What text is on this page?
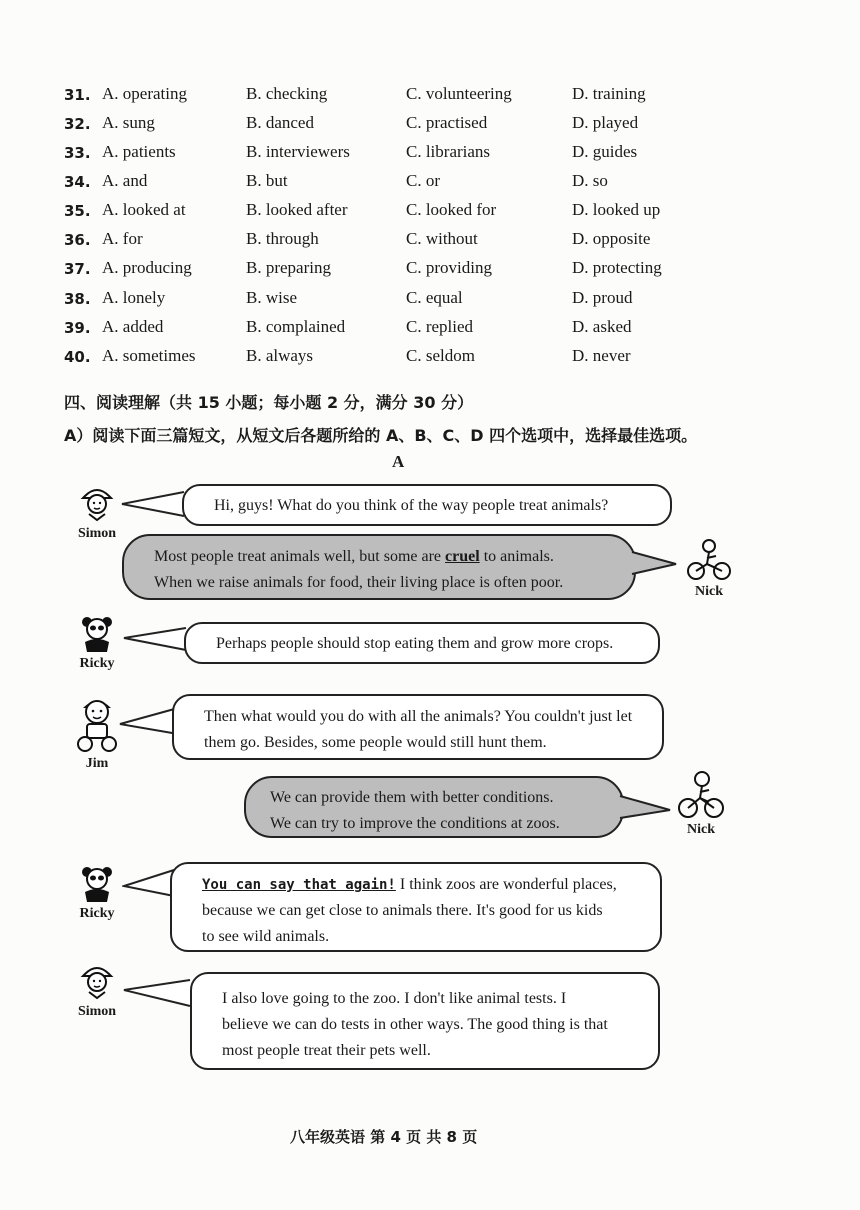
31. A. operating	B. checking	C. volunteering	D. training
32. A. sung	B. danced	C. practised	D. played
33. A. patients	B. interviewers	C. librarians	D. guides
34. A. and	B. but	C. or	D. so
35. A. looked at	B. looked after	C. looked for	D. looked up
36. A. for	B. through	C. without	D. opposite
37. A. producing	B. preparing	C. providing	D. protecting
38. A. lonely	B. wise	C. equal	D. proud
39. A. added	B. complained	C. replied	D. asked
40. A. sometimes	B. always	C. seldom	D. never
四、阅读理解（共 15 小题；每小题 2 分，满分 30 分）
A）阅读下面三篇短文，从短文后各题所给的 A、B、C、D 四个选项中，选择最佳选项。
A
Simon

Hi, guys! What do you think of the way people treat animals?

Most people treat animals well, but some are cruel to animals.

When we raise animals for food, their living place is often poor.

Nick
Ricky

Perhaps people should stop eating them and grow more crops.

Jim

Then what would you do with all the animals? You couldn't just let

them go. Besides, some people would still hunt them.

We can provide them with better conditions.

We can try to improve the conditions at zoos.	Nick
Ricky

You can say that again! I think zoos are wonderful places,

because we can get close to animals there. It's good for us kids

to see wild animals.

Simon

I also love going to the zoo. I don't like animal tests. I

believe we can do tests in other ways. The good thing is that

most people treat their pets well.

八年级英语 第 4 页 共 8 页
